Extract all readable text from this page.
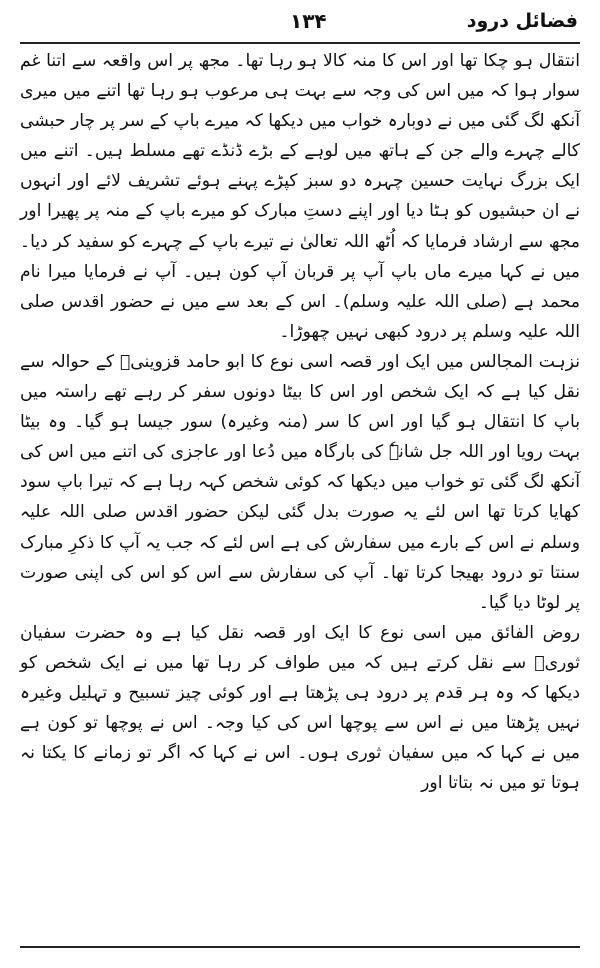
فضائل درود
۱۳۴

انتقال ہو چکا تھا اور اس کا منہ کالا ہو رہا تھا۔ مجھ پر اس واقعہ سے اتنا غم سوار ہوا کہ میں اس کی وجہ سے بہت ہی مرعوب ہو رہا تھا اتنے میں میری آنکھ لگ گئی میں نے دوبارہ خواب میں دیکھا کہ میرے باپ کے سر پر چار حبشی کالے چہرے والے جن کے ہاتھ میں لوہے کے بڑے ڈنڈے تھے مسلط ہیں۔ اتنے میں ایک بزرگ نہایت حسین چہرہ دو سبز کپڑے پہنے ہوئے تشریف لائے اور انہوں نے ان حبشیوں کو ہٹا دیا اور اپنے دستِ مبارک کو میرے باپ کے منہ پر پھیرا اور مجھ سے ارشاد فرمایا کہ اُٹھ اللہ تعالیٰ نے تیرے باپ کے چہرے کو سفید کر دیا۔ میں نے کہا میرے ماں باپ آپ پر قربان آپ کون ہیں۔ آپ نے فرمایا میرا نام محمد ہے (صلی اللہ علیہ وسلم)۔ اس کے بعد سے میں نے حضور اقدس صلی اللہ علیہ وسلم پر درود کبھی نہیں چھوڑا۔

نزہت المجالس میں ایک اور قصہ اسی نوع کا ابو حامد قزوینیؒ کے حوالہ سے نقل کیا ہے کہ ایک شخص اور اس کا بیٹا دونوں سفر کر رہے تھے راستہ میں باپ کا انتقال ہو گیا اور اس کا سر (منہ وغیرہ) سور جیسا ہو گیا۔ وہ بیٹا بہت رویا اور اللہ جل شانہٗ کی بارگاہ میں دُعا اور عاجزی کی اتنے میں اس کی آنکھ لگ گئی تو خواب میں دیکھا کہ کوئی شخص کہہ رہا ہے کہ تیرا باپ سود کھایا کرتا تھا اس لئے یہ صورت بدل گئی لیکن حضور اقدس صلی اللہ علیہ وسلم نے اس کے بارے میں سفارش کی ہے اس لئے کہ جب یہ آپ کا ذکرِ مبارک سنتا تو درود بھیجا کرتا تھا۔ آپ کی سفارش سے اس کو اس کی اپنی صورت پر لوٹا دیا گیا۔

روض الفائق میں اسی نوع کا ایک اور قصہ نقل کیا ہے وہ حضرت سفیان ثوریؒ سے نقل کرتے ہیں کہ میں طواف کر رہا تھا میں نے ایک شخص کو دیکھا کہ وہ ہر قدم پر درود ہی پڑھتا ہے اور کوئی چیز تسبیح و تہلیل وغیرہ نہیں پڑھتا میں نے اس سے پوچھا اس کی کیا وجہ۔ اس نے پوچھا تو کون ہے میں نے کہا کہ میں سفیان ثوری ہوں۔ اس نے کہا کہ اگر تو زمانے کا یکتا نہ ہوتا تو میں نہ بتاتا اور
